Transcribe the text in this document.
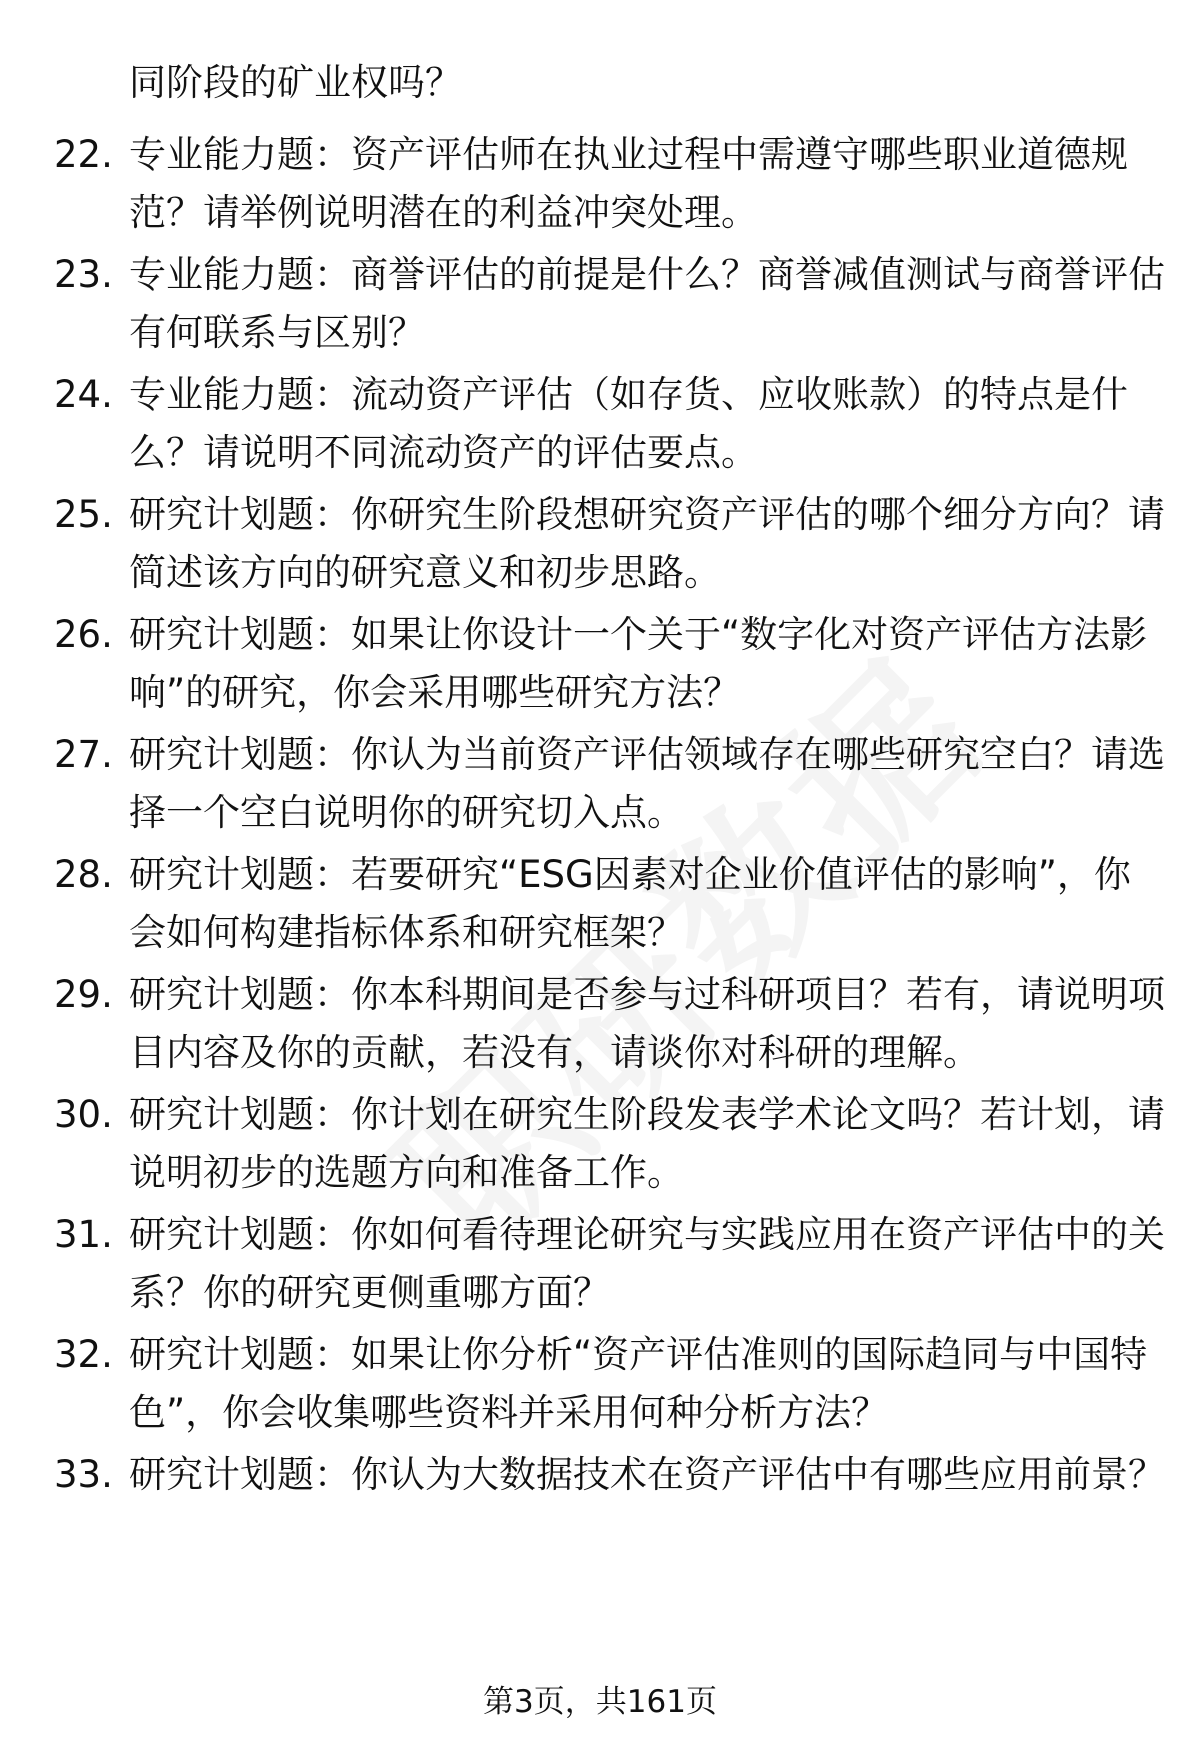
同阶段的矿业权吗？
22. 专业能力题：资产评估师在执业过程中需遵守哪些职业道德规
范？请举例说明潜在的利益冲突处理。
23. 专业能力题：商誉评估的前提是什么？商誉减值测试与商誉评估
有何联系与区别？
24. 专业能力题：流动资产评估（如存货、应收账款）的特点是什
么？请说明不同流动资产的评估要点。
25. 研究计划题：你研究生阶段想研究资产评估的哪个细分方向？请
简述该方向的研究意义和初步思路。
26. 研究计划题：如果让你设计一个关于“数字化对资产评估方法影
响”的研究，你会采用哪些研究方法？
27. 研究计划题：你认为当前资产评估领域存在哪些研究空白？请选
择一个空白说明你的研究切入点。
28. 研究计划题：若要研究“ESG因素对企业价值评估的影响”，你
会如何构建指标体系和研究框架？
29. 研究计划题：你本科期间是否参与过科研项目？若有，请说明项
目内容及你的贡献，若没有，请谈你对科研的理解。
30. 研究计划题：你计划在研究生阶段发表学术论文吗？若计划，请
说明初步的选题方向和准备工作。
31. 研究计划题：你如何看待理论研究与实践应用在资产评估中的关
系？你的研究更侧重哪方面？
32. 研究计划题：如果让你分析“资产评估准则的国际趋同与中国特
色”，你会收集哪些资料并采用何种分析方法？
33. 研究计划题：你认为大数据技术在资产评估中有哪些应用前景？
第3页，共161页
